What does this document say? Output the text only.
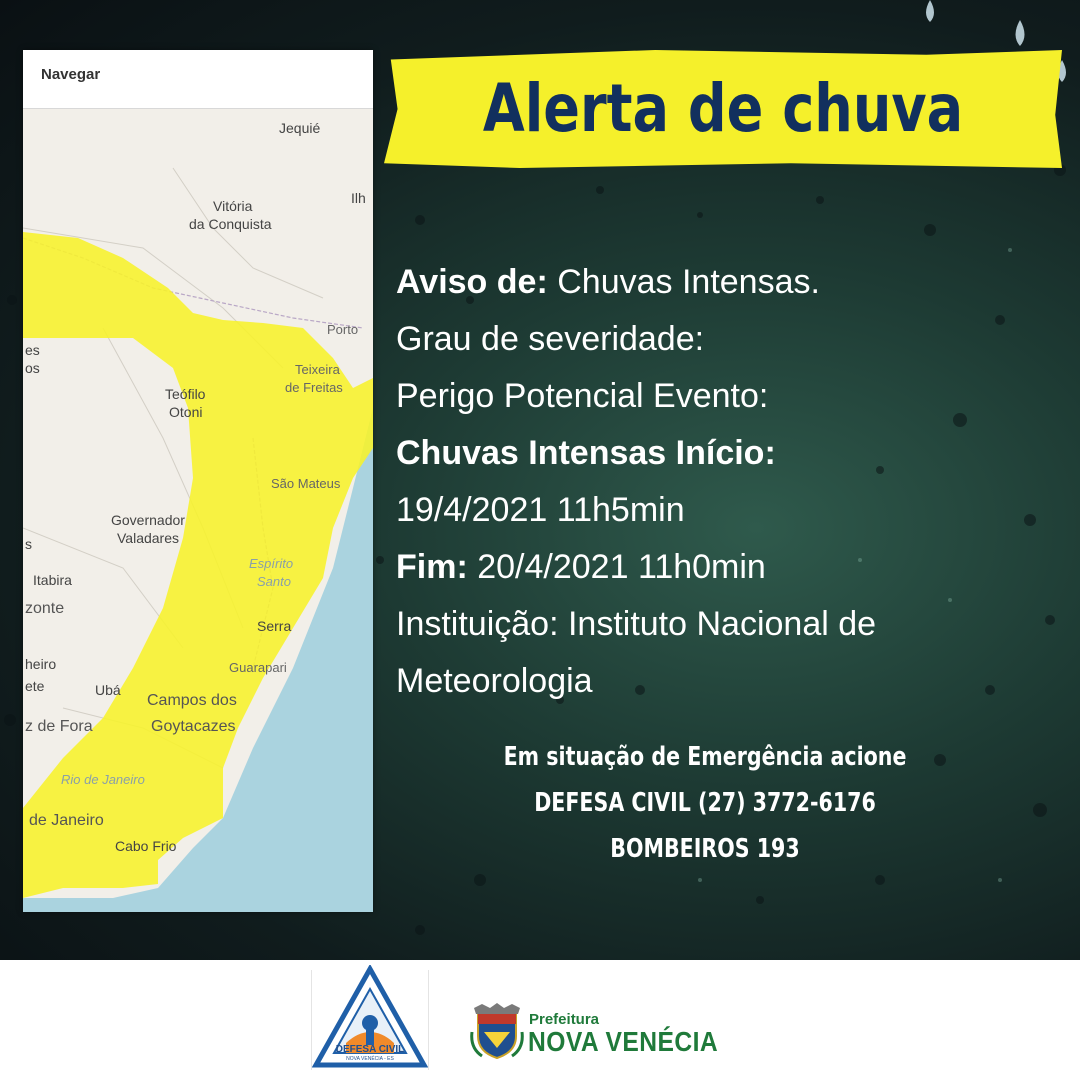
Navegar
Jequié
Vitória
da Conquista
Ilh
Porto
es
os	Teixeira
de Freitas
Teófilo
Otoni
São Mateus
Governador
Valadares
s
Espírito
Santo
Itabira
zonte
Serra
heiro
ete
Guarapari
Ubá
Campos dos
Goytacazes
z de Fora
Rio de Janeiro
de Janeiro
Cabo Frio
Alerta de chuva
Aviso de: Chuvas Intensas.
Grau de severidade:
Perigo Potencial Evento:
Chuvas Intensas Início:
19/4/2021 11h5min
Fim: 20/4/2021 11h0min
Instituição: Instituto Nacional de
Meteorologia
Em situação de Emergência acione
DEFESA CIVIL (27) 3772-6176
BOMBEIROS 193
DEFESA CIVIL
NOVA VENÉCIA - ES
Prefeitura
NOVA VENÉCIA
